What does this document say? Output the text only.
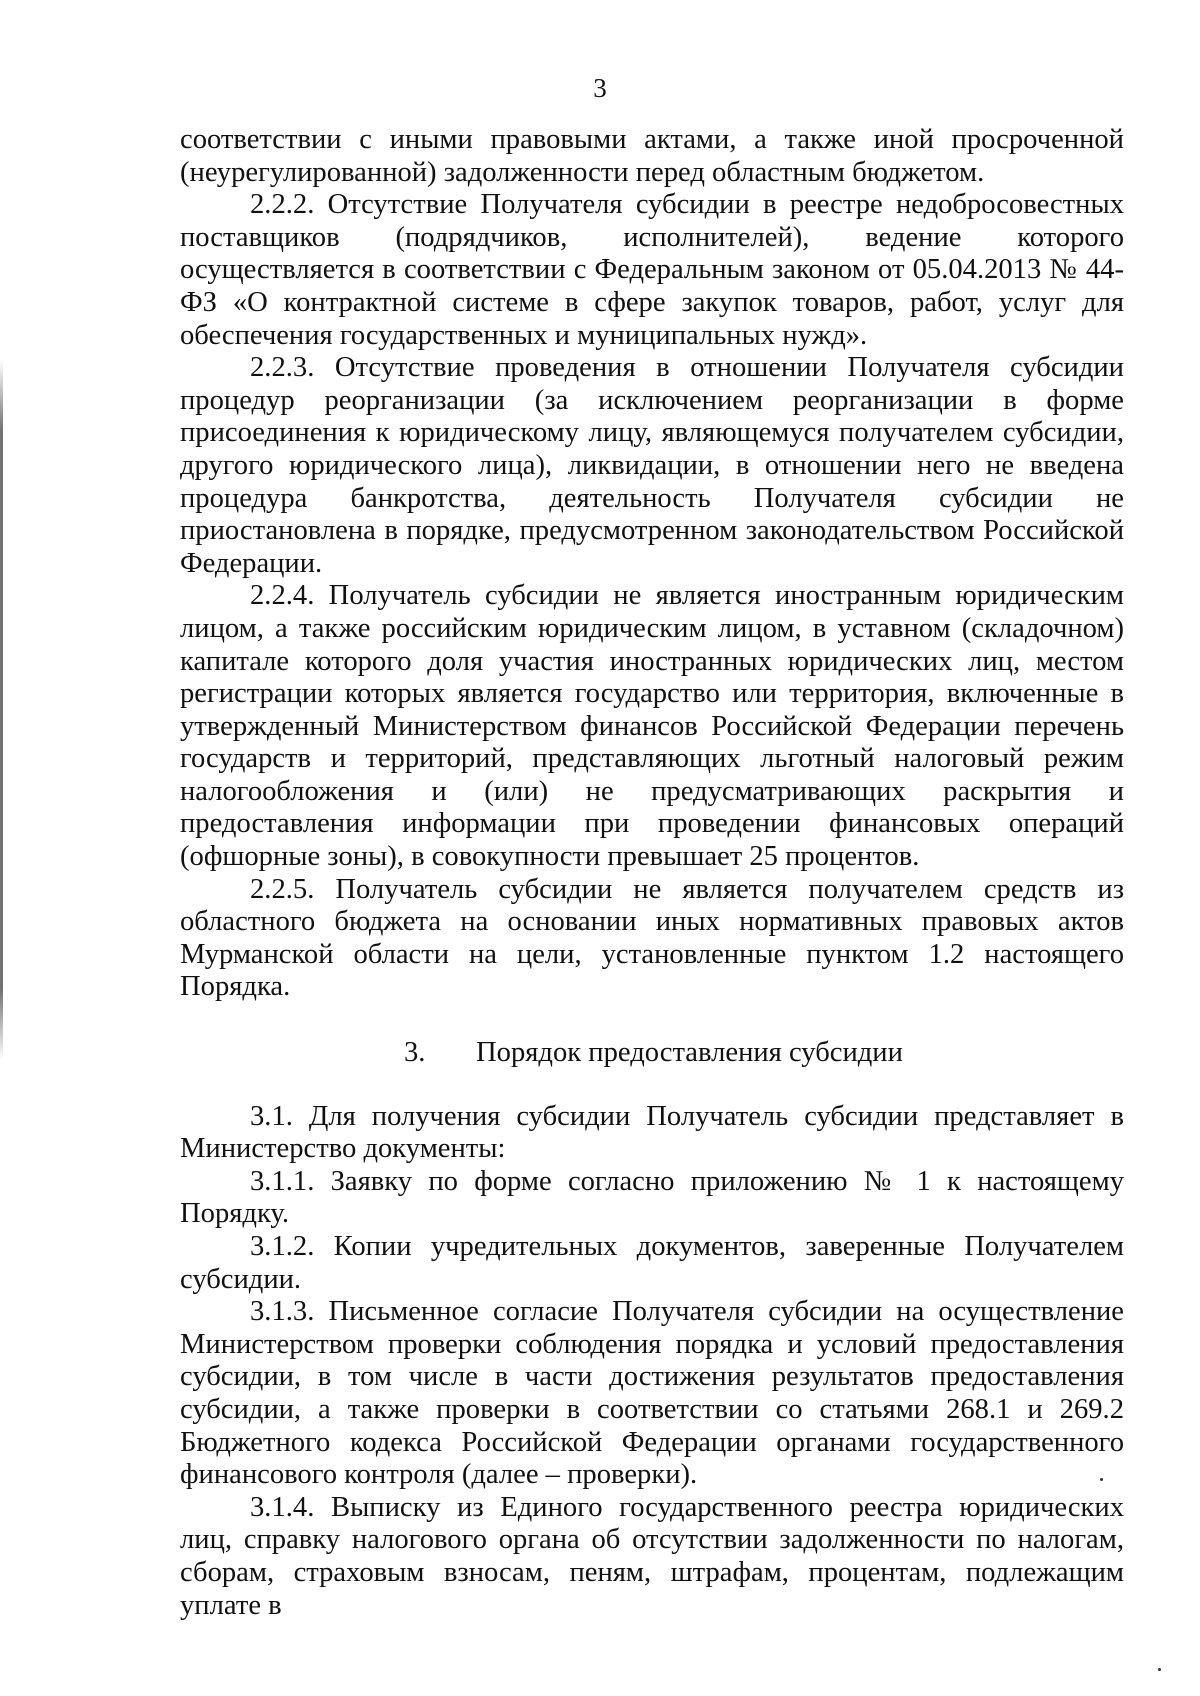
3

соответствии с иными правовыми актами, а также иной просроченной (неурегулированной) задолженности перед областным бюджетом.

2.2.2. Отсутствие Получателя субсидии в реестре недобросовестных поставщиков (подрядчиков, исполнителей), ведение которого осуществляется в соответствии с Федеральным законом от 05.04.2013 № 44-ФЗ «О контрактной системе в сфере закупок товаров, работ, услуг для обеспечения государственных и муниципальных нужд».

2.2.3. Отсутствие проведения в отношении Получателя субсидии процедур реорганизации (за исключением реорганизации в форме присоединения к юридическому лицу, являющемуся получателем субсидии, другого юридического лица), ликвидации, в отношении него не введена процедура банкротства, деятельность Получателя субсидии не приостановлена в порядке, предусмотренном законодательством Российской Федерации.

2.2.4. Получатель субсидии не является иностранным юридическим лицом, а также российским юридическим лицом, в уставном (складочном) капитале которого доля участия иностранных юридических лиц, местом регистрации которых является государство или территория, включенные в утвержденный Министерством финансов Российской Федерации перечень государств и территорий, представляющих льготный налоговый режим налогообложения и (или) не предусматривающих раскрытия и предоставления информации при проведении финансовых операций (офшорные зоны), в совокупности превышает 25 процентов.

2.2.5. Получатель субсидии не является получателем средств из областного бюджета на основании иных нормативных правовых актов Мурманской области на цели, установленные пунктом 1.2 настоящего Порядка.

3. Порядок предоставления субсидии

3.1. Для получения субсидии Получатель субсидии представляет в Министерство документы:

3.1.1. Заявку по форме согласно приложению № 1 к настоящему Порядку.

3.1.2. Копии учредительных документов, заверенные Получателем субсидии.

3.1.3. Письменное согласие Получателя субсидии на осуществление Министерством проверки соблюдения порядка и условий предоставления субсидии, в том числе в части достижения результатов предоставления субсидии, а также проверки в соответствии со статьями 268.1 и 269.2 Бюджетного кодекса Российской Федерации органами государственного финансового контроля (далее – проверки).

3.1.4. Выписку из Единого государственного реестра юридических лиц, справку налогового органа об отсутствии задолженности по налогам, сборам, страховым взносам, пеням, штрафам, процентам, подлежащим уплате в
